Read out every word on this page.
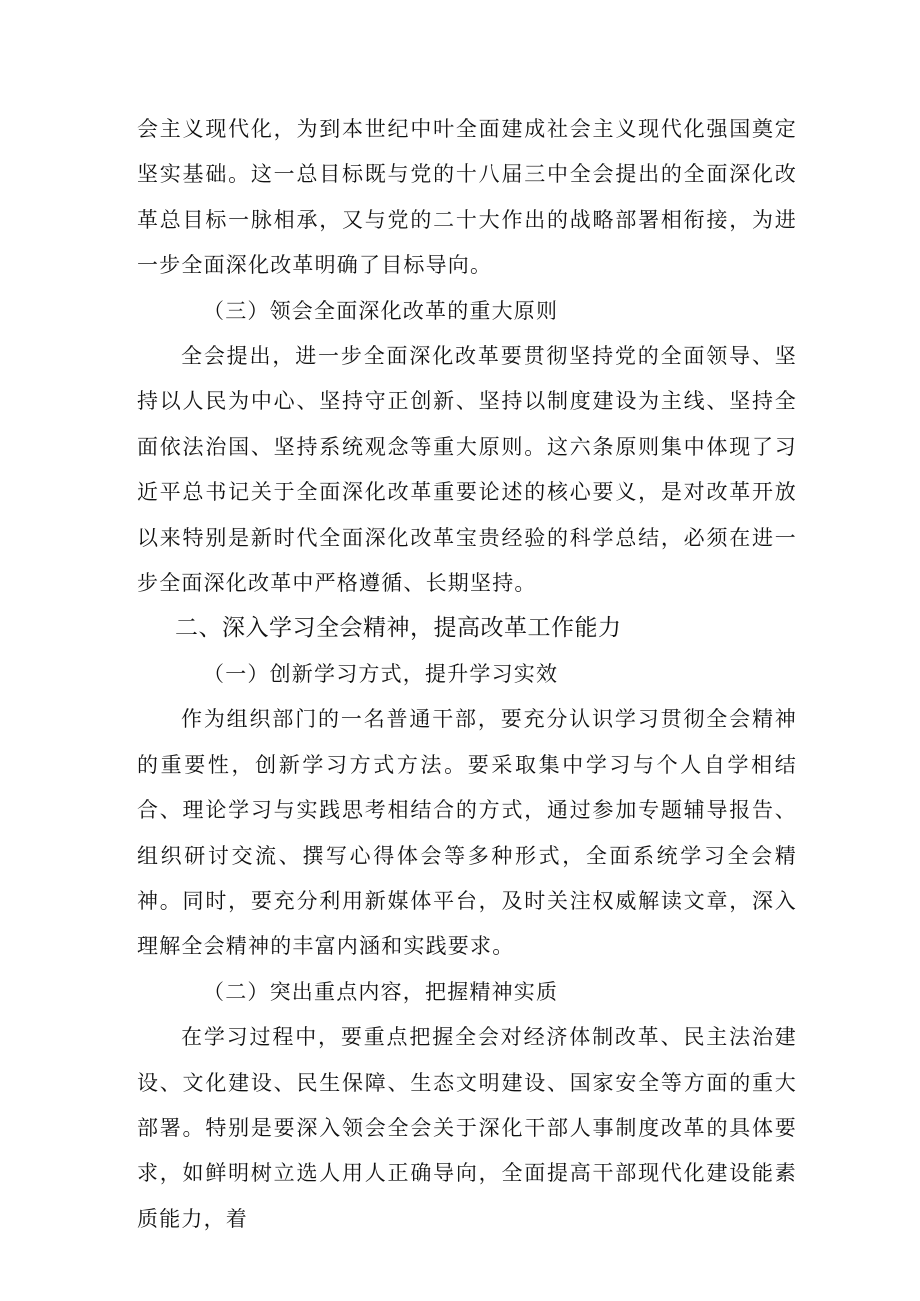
会主义现代化，为到本世纪中叶全面建成社会主义现代化强国奠定坚实基础。这一总目标既与党的十八届三中全会提出的全面深化改革总目标一脉相承，又与党的二十大作出的战略部署相衔接，为进一步全面深化改革明确了目标导向。

（三）领会全面深化改革的重大原则

全会提出，进一步全面深化改革要贯彻坚持党的全面领导、坚持以人民为中心、坚持守正创新、坚持以制度建设为主线、坚持全面依法治国、坚持系统观念等重大原则。这六条原则集中体现了习近平总书记关于全面深化改革重要论述的核心要义，是对改革开放以来特别是新时代全面深化改革宝贵经验的科学总结，必须在进一步全面深化改革中严格遵循、长期坚持。

二、深入学习全会精神，提高改革工作能力

（一）创新学习方式，提升学习实效

作为组织部门的一名普通干部，要充分认识学习贯彻全会精神的重要性，创新学习方式方法。要采取集中学习与个人自学相结合、理论学习与实践思考相结合的方式，通过参加专题辅导报告、组织研讨交流、撰写心得体会等多种形式，全面系统学习全会精神。同时，要充分利用新媒体平台，及时关注权威解读文章，深入理解全会精神的丰富内涵和实践要求。

（二）突出重点内容，把握精神实质

在学习过程中，要重点把握全会对经济体制改革、民主法治建设、文化建设、民生保障、生态文明建设、国家安全等方面的重大部署。特别是要深入领会全会关于深化干部人事制度改革的具体要求，如鲜明树立选人用人正确导向，全面提高干部现代化建设能素质能力，着
